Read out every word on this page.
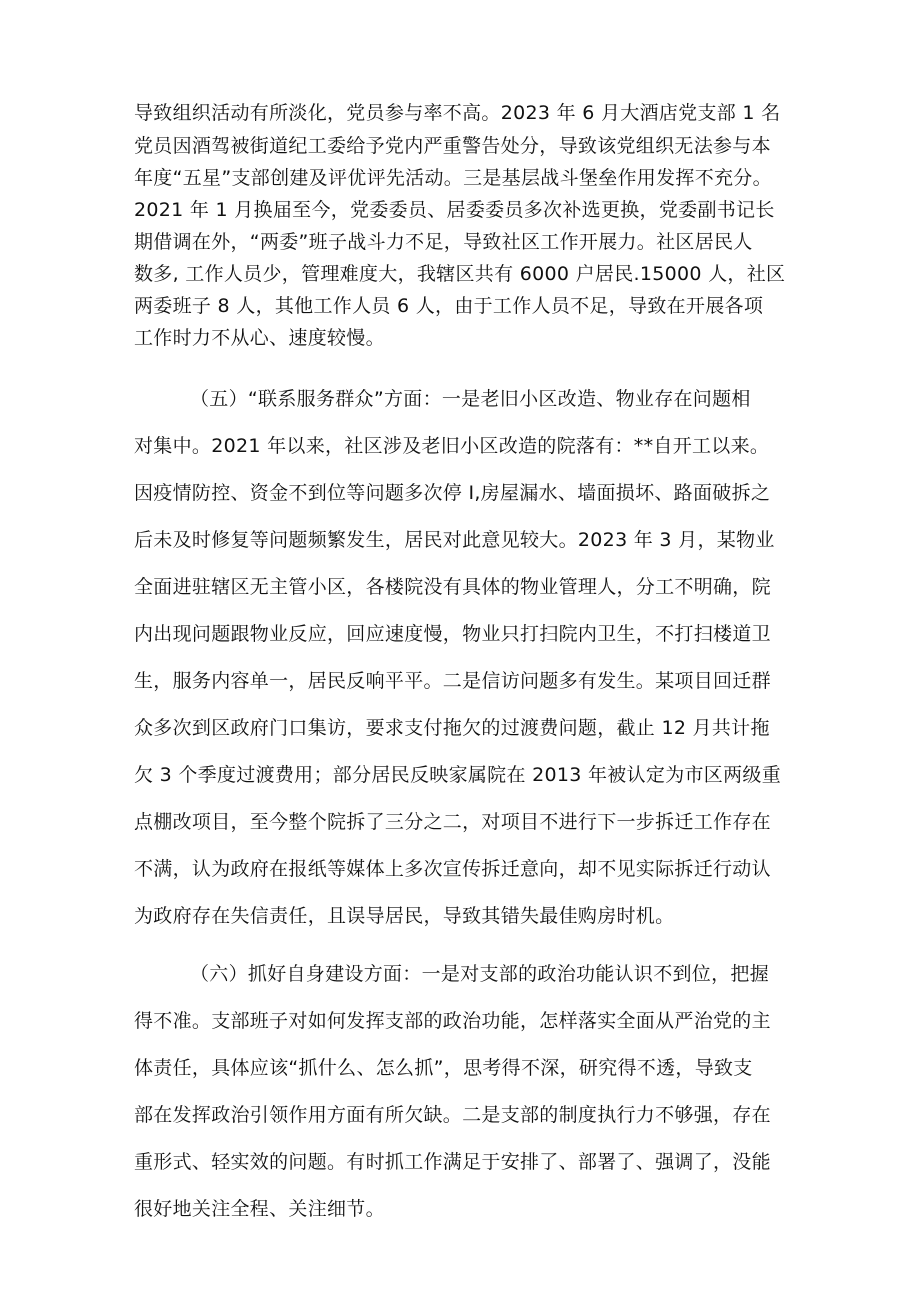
导致组织活动有所淡化，党员参与率不高。2023 年 6 月大酒店党支部 1 名
党员因酒驾被街道纪工委给予党内严重警告处分，导致该党组织无法参与本
年度“五星”支部创建及评优评先活动。三是基层战斗堡垒作用发挥不充分。
2021 年 1 月换届至今，党委委员、居委委员多次补选更换，党委副书记长
期借调在外，“两委”班子战斗力不足，导致社区工作开展力。社区居民人
数多, 工作人员少，管理难度大，我辖区共有 6000 户居民.15000 人，社区
两委班子 8 人，其他工作人员 6 人，由于工作人员不足，导致在开展各项
工作时力不从心、速度较慢。
（五）“联系服务群众”方面：一是老旧小区改造、物业存在问题相
对集中。2021 年以来，社区涉及老旧小区改造的院落有：**自开工以来。
因疫情防控、资金不到位等问题多次停 I,房屋漏水、墙面损坏、路面破拆之
后未及时修复等问题频繁发生，居民对此意见较大。2023 年 3 月，某物业
全面进驻辖区无主管小区，各楼院没有具体的物业管理人，分工不明确，院
内出现问题跟物业反应，回应速度慢，物业只打扫院内卫生，不打扫楼道卫
生，服务内容单一，居民反响平平。二是信访问题多有发生。某项目回迁群
众多次到区政府门口集访，要求支付拖欠的过渡费问题，截止 12 月共计拖
欠 3 个季度过渡费用；部分居民反映家属院在 2013 年被认定为市区两级重
点棚改项目，至今整个院拆了三分之二，对项目不进行下一步拆迁工作存在
不满，认为政府在报纸等媒体上多次宣传拆迁意向，却不见实际拆迁行动认
为政府存在失信责任，且误导居民，导致其错失最佳购房时机。
（六）抓好自身建设方面：一是对支部的政治功能认识不到位，把握
得不准。支部班子对如何发挥支部的政治功能，怎样落实全面从严治党的主
体责任，具体应该“抓什么、怎么抓”，思考得不深，研究得不透，导致支
部在发挥政治引领作用方面有所欠缺。二是支部的制度执行力不够强，存在
重形式、轻实效的问题。有时抓工作满足于安排了、部署了、强调了，没能
很好地关注全程、关注细节。
